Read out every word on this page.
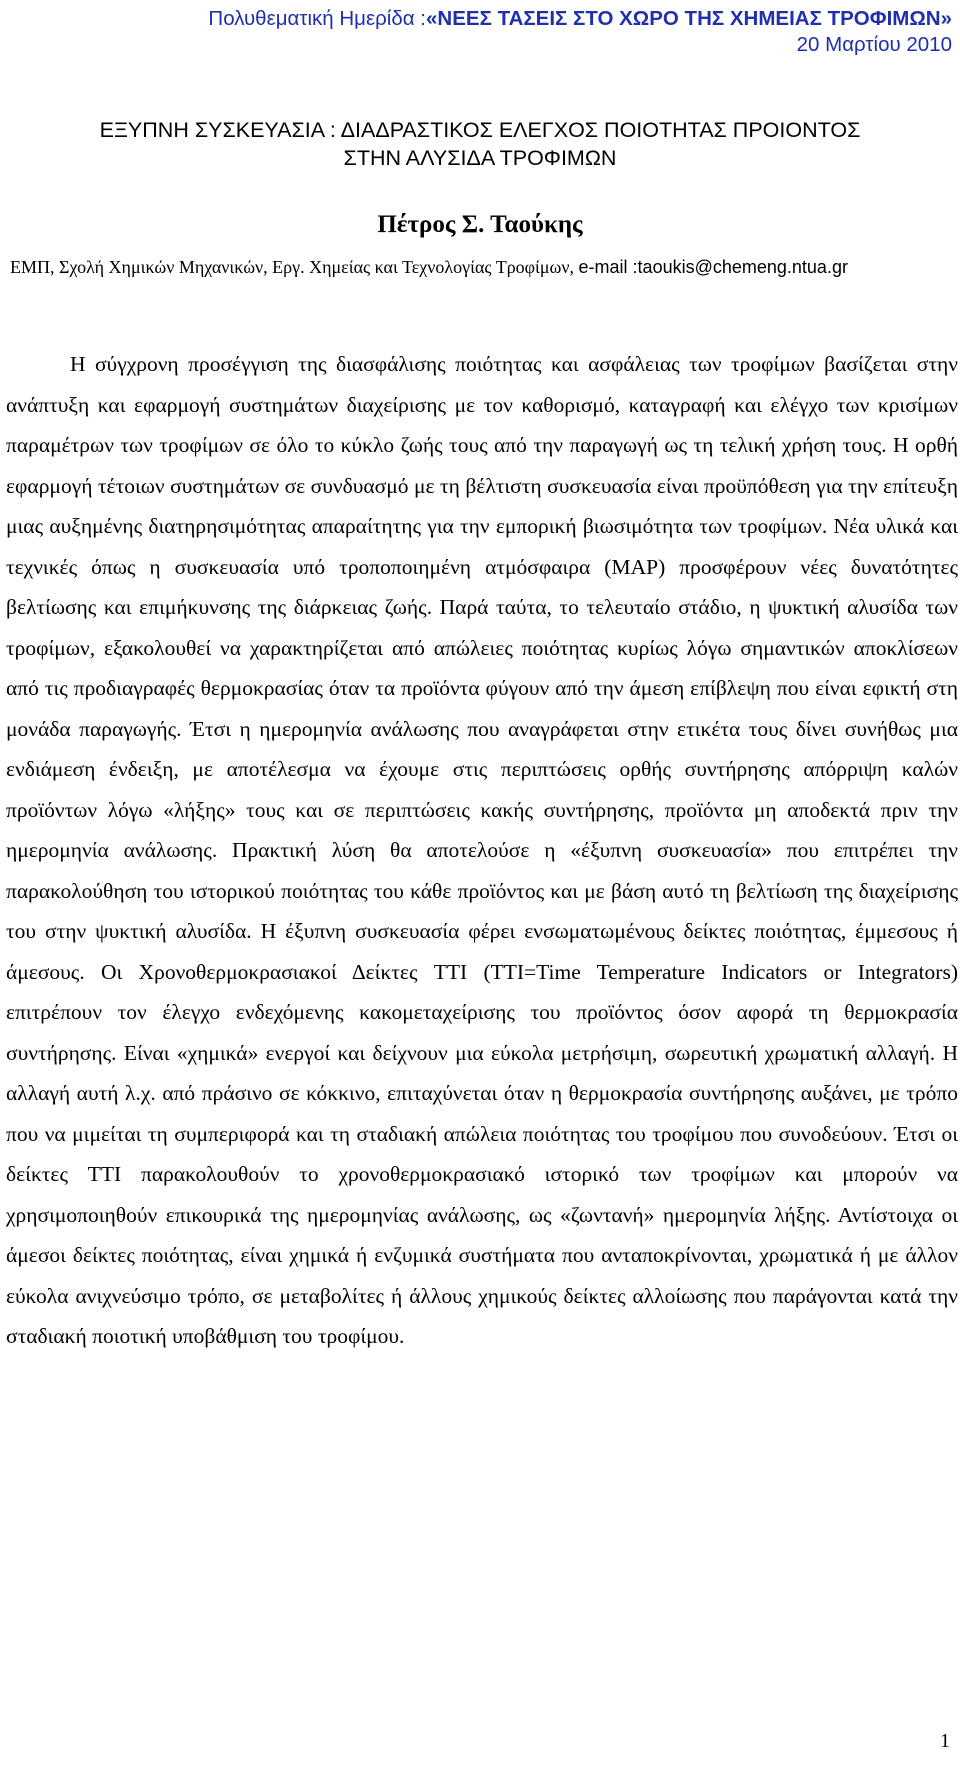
Πολυθεματική Ημερίδα :«ΝΕΕΣ ΤΑΣΕΙΣ ΣΤΟ ΧΩΡΟ ΤΗΣ ΧΗΜΕΙΑΣ ΤΡΟΦΙΜΩΝ»
20 Μαρτίου 2010
ΕΞΥΠΝΗ ΣΥΣΚΕΥΑΣΙΑ : ΔΙΑΔΡΑΣΤΙΚΟΣ ΕΛΕΓΧΟΣ ΠΟΙΟΤΗΤΑΣ ΠΡΟΙΟΝΤΟΣ
ΣΤΗΝ ΑΛΥΣΙΔΑ ΤΡΟΦΙΜΩΝ
Πέτρος Σ. Ταoύκης
ΕΜΠ, Σχολή Χημικών Μηχανικών, Εργ. Χημείας και Τεχνολογίας Τροφίμων, e-mail :taoukis@chemeng.ntua.gr

Η σύγχρονη προσέγγιση της διασφάλισης ποιότητας και ασφάλειας των τροφίμων βασίζεται στην ανάπτυξη και εφαρμογή συστημάτων διαχείρισης με τον καθορισμό, καταγραφή και ελέγχο των κρισίμων παραμέτρων των τροφίμων σε όλο το κύκλο ζωής τους από την παραγωγή ως τη τελική χρήση τους. Η ορθή εφαρμογή τέτοιων συστημάτων σε συνδυασμό με τη βέλτιστη συσκευασία είναι προϋπόθεση για την επίτευξη μιας αυξημένης διατηρησιμότητας απαραίτητης για την εμπορική βιωσιμότητα των τροφίμων. Νέα υλικά και τεχνικές όπως η συσκευασία υπό τροποποιημένη ατμόσφαιρα (MAP) προσφέρουν νέες δυνατότητες βελτίωσης και επιμήκυνσης της διάρκειας ζωής. Παρά ταύτα, το τελευταίο στάδιο, η ψυκτική αλυσίδα των τροφίμων, εξακολουθεί να χαρακτηρίζεται από απώλειες ποιότητας κυρίως λόγω σημαντικών αποκλίσεων από τις προδιαγραφές θερμοκρασίας όταν τα προϊόντα φύγουν από την άμεση επίβλεψη που είναι εφικτή στη μονάδα παραγωγής. Έτσι η ημερομηνία ανάλωσης που αναγράφεται στην ετικέτα τους δίνει συνήθως μια ενδιάμεση ένδειξη, με αποτέλεσμα να έχουμε στις περιπτώσεις ορθής συντήρησης απόρριψη καλών προϊόντων λόγω «λήξης» τους και σε περιπτώσεις κακής συντήρησης, προϊόντα μη αποδεκτά πριν την ημερομηνία ανάλωσης. Πρακτική λύση θα αποτελούσε η «έξυπνη συσκευασία» που επιτρέπει την παρακολούθηση του ιστορικού ποιότητας του κάθε προϊόντος και με βάση αυτό τη βελτίωση της διαχείρισης του στην ψυκτική αλυσίδα. Η έξυπνη συσκευασία φέρει ενσωματωμένους δείκτες ποιότητας, έμμεσους ή άμεσους. Οι Χρονοθερμοκρασιακοί Δείκτες TTI (TTI=Time Temperature Indicators or Integrators) επιτρέπουν τον έλεγχο ενδεχόμενης κακομεταχείρισης του προϊόντος όσον αφορά τη θερμοκρασία συντήρησης. Είναι «χημικά» ενεργοί και δείχνουν μια εύκολα μετρήσιμη, σωρευτική χρωματική αλλαγή. Η αλλαγή αυτή λ.χ. από πράσινο σε κόκκινο, επιταχύνεται όταν η θερμοκρασία συντήρησης αυξάνει, με τρόπο που να μιμείται τη συμπεριφορά και τη σταδιακή απώλεια ποιότητας του τροφίμου που συνοδεύουν. Έτσι οι δείκτες TTI παρακολουθούν το χρονοθερμοκρασιακό ιστορικό των τροφίμων και μπορούν να χρησιμοποιηθούν επικουρικά της ημερομηνίας ανάλωσης, ως «ζωντανή» ημερομηνία λήξης. Αντίστοιχα οι άμεσοι δείκτες ποιότητας, είναι χημικά ή ενζυμικά συστήματα που ανταποκρίνονται, χρωματικά ή με άλλον εύκολα ανιχνεύσιμο τρόπο, σε μεταβολίτες ή άλλους χημικούς δείκτες αλλοίωσης που παράγονται κατά την σταδιακή ποιοτική υποβάθμιση του τροφίμου.

1
